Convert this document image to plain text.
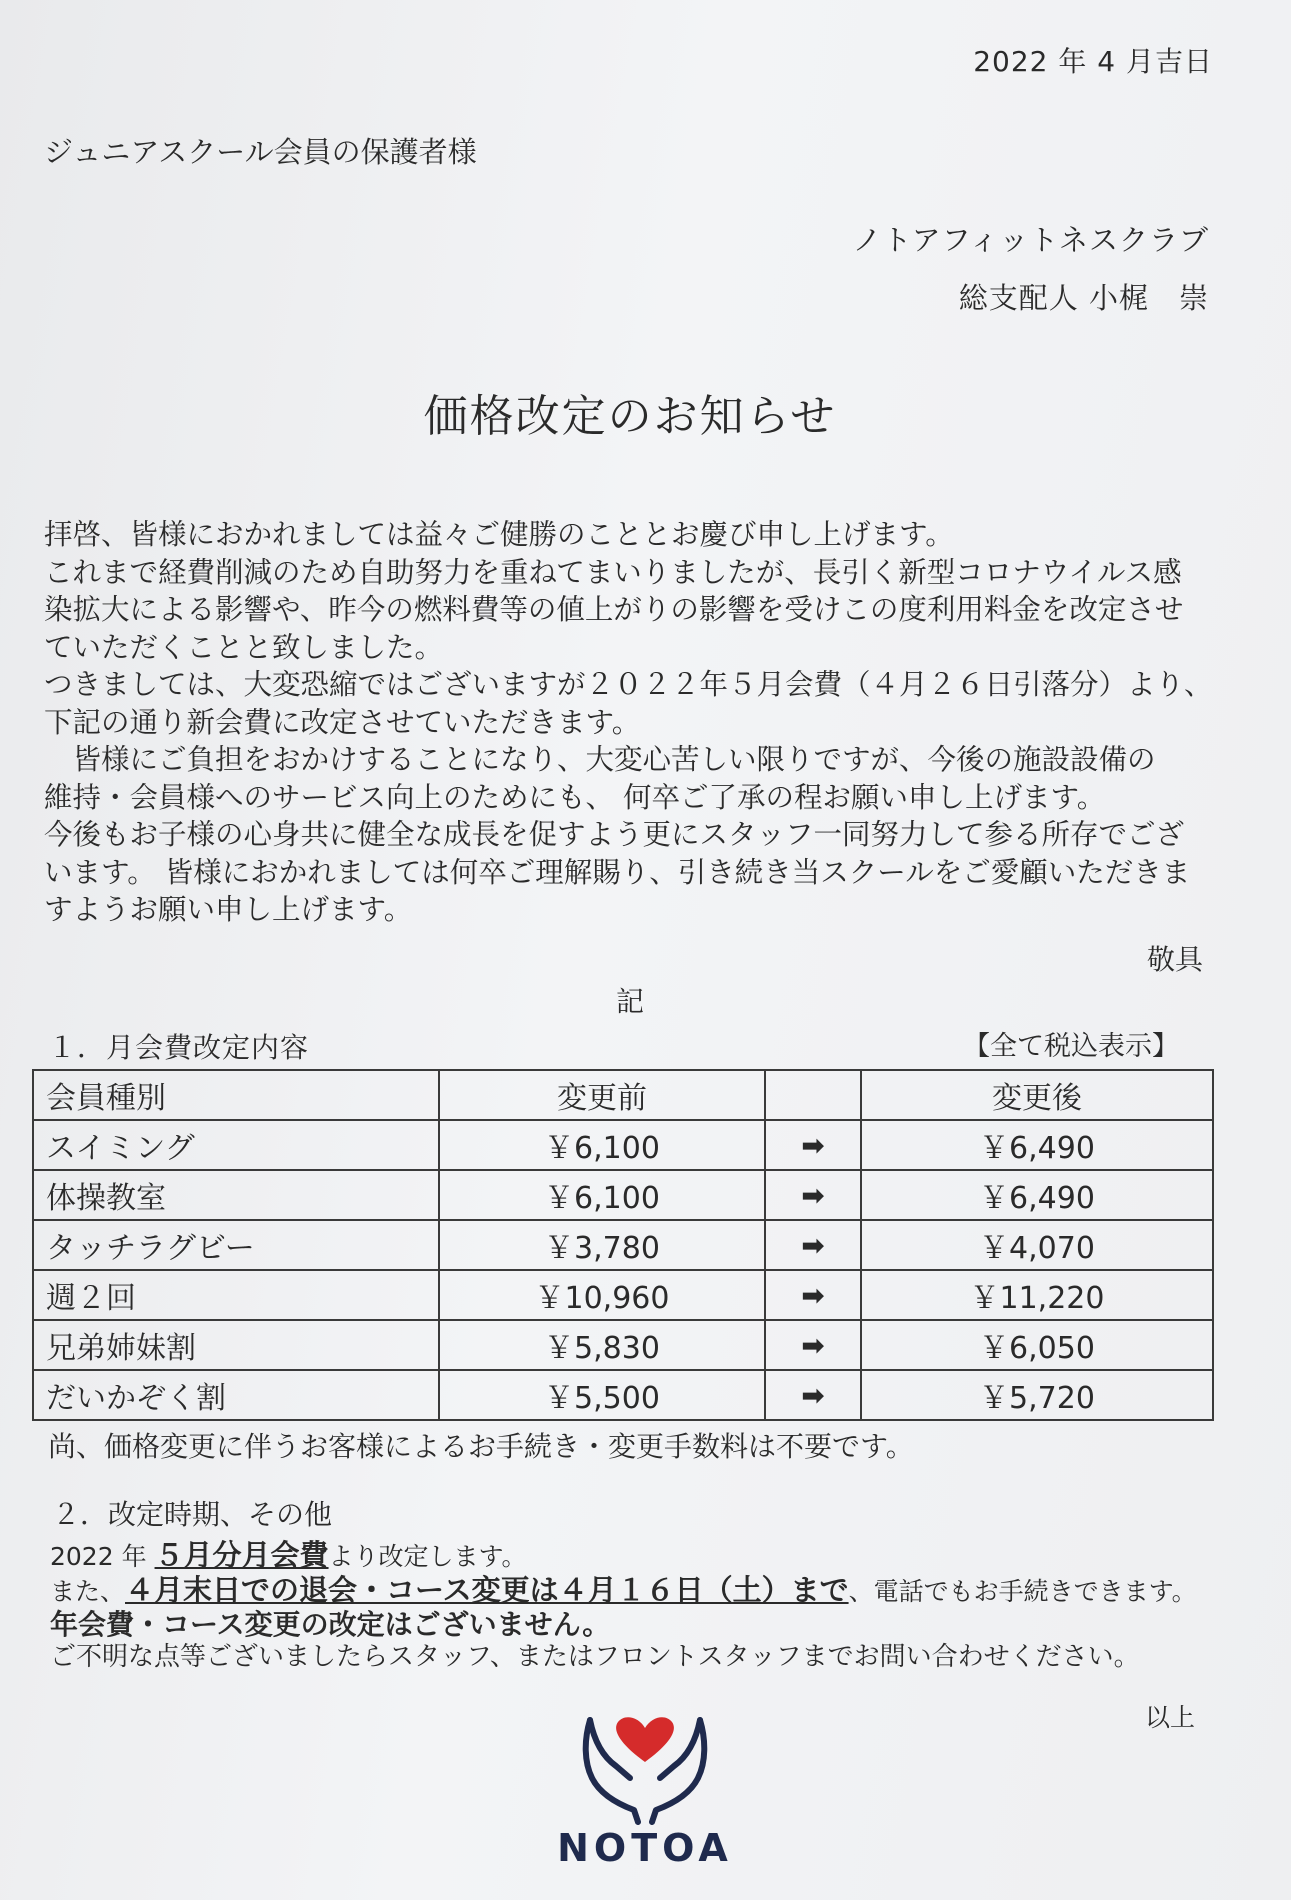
2022 年 4 月吉日
ジュニアスクール会員の保護者様
ノトアフィットネスクラブ
総支配人 小梶　崇
価格改定のお知らせ

拝啓、皆様におかれましては益々ご健勝のこととお慶び申し上げます。

これまで経費削減のため自助努力を重ねてまいりましたが、長引く新型コロナウイルス感

染拡大による影響や、昨今の燃料費等の値上がりの影響を受けこの度利用料金を改定させ

ていただくことと致しました。

つきましては、大変恐縮ではございますが２０２２年５月会費（４月２６日引落分）より、

下記の通り新会費に改定させていただきます。

　皆様にご負担をおかけすることになり、大変心苦しい限りですが、今後の施設設備の

維持・会員様へのサービス向上のためにも、 何卒ご了承の程お願い申し上げます。

今後もお子様の心身共に健全な成長を促すよう更にスタッフ一同努力して参る所存でござ

います。 皆様におかれましては何卒ご理解賜り、引き続き当スクールをご愛顧いただきま

すようお願い申し上げます。

敬具
記
１．月会費改定内容	【全て税込表示】
会員種別	変更前		変更後
スイミング	￥6,100	➡	￥6,490
体操教室	￥6,100	➡	￥6,490
タッチラグビー	￥3,780	➡	￥4,070
週２回	￥10,960	➡	￥11,220
兄弟姉妹割	￥5,830	➡	￥6,050
だいかぞく割	￥5,500	➡	￥5,720
尚、価格変更に伴うお客様によるお手続き・変更手数料は不要です。
２．改定時期、その他
2022 年 ５月分月会費より改定します。
また、４月末日での退会・コース変更は４月１６日（土）まで、電話でもお手続きできます。
年会費・コース変更の改定はございません。
ご不明な点等ございましたらスタッフ、またはフロントスタッフまでお問い合わせください。
以上
NOTOA
